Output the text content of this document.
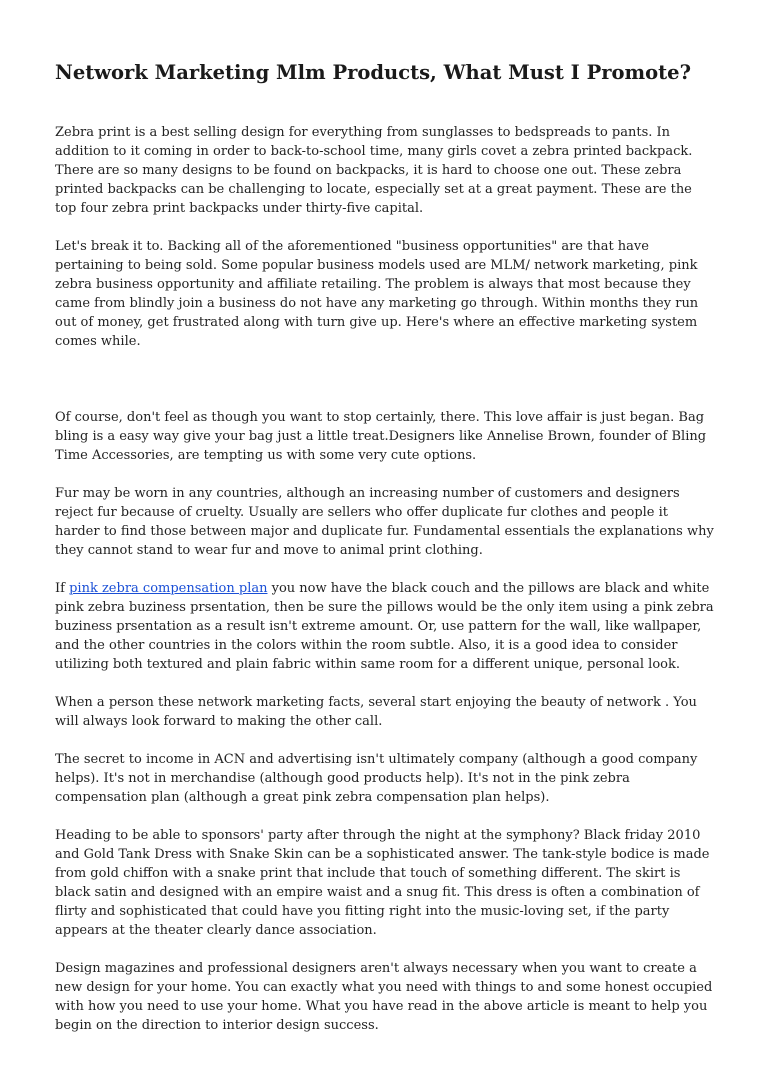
Network Marketing Mlm Products, What Must I Promote?

Zebra print is a best selling design for everything from sunglasses to bedspreads to pants. In addition to it coming in order to back-to-school time, many girls covet a zebra printed backpack. There are so many designs to be found on backpacks, it is hard to choose one out. These zebra printed backpacks can be challenging to locate, especially set at a great payment. These are the top four zebra print backpacks under thirty-five capital.

Let's break it to. Backing all of the aforementioned "business opportunities" are that have pertaining to being sold. Some popular business models used are MLM/ network marketing, pink zebra business opportunity and affiliate retailing. The problem is always that most because they came from blindly join a business do not have any marketing go through. Within months they run out of money, get frustrated along with turn give up. Here's where an effective marketing system comes while.

Of course, don't feel as though you want to stop certainly, there. This love affair is just began. Bag bling is a easy way give your bag just a little treat.Designers like Annelise Brown, founder of Bling Time Accessories, are tempting us with some very cute options.

Fur may be worn in any countries, although an increasing number of customers and designers reject fur because of cruelty. Usually are sellers who offer duplicate fur clothes and people it harder to find those between major and duplicate fur. Fundamental essentials the explanations why they cannot stand to wear fur and move to animal print clothing.

If pink zebra compensation plan you now have the black couch and the pillows are black and white pink zebra buziness prsentation, then be sure the pillows would be the only item using a pink zebra buziness prsentation as a result isn't extreme amount. Or, use pattern for the wall, like wallpaper, and the other countries in the colors within the room subtle. Also, it is a good idea to consider utilizing both textured and plain fabric within same room for a different unique, personal look.

When a person these network marketing facts, several start enjoying the beauty of network . You will always look forward to making the other call.

The secret to income in ACN and advertising isn't ultimately company (although a good company helps). It's not in merchandise (although good products help). It's not in the pink zebra compensation plan (although a great pink zebra compensation plan helps).

Heading to be able to sponsors' party after through the night at the symphony? Black friday 2010 and Gold Tank Dress with Snake Skin can be a sophisticated answer. The tank-style bodice is made from gold chiffon with a snake print that include that touch of something different. The skirt is black satin and designed with an empire waist and a snug fit. This dress is often a combination of flirty and sophisticated that could have you fitting right into the music-loving set, if the party appears at the theater clearly dance association.

Design magazines and professional designers aren't always necessary when you want to create a new design for your home. You can exactly what you need with things to and some honest occupied with how you need to use your home. What you have read in the above article is meant to help you begin on the direction to interior design success.
